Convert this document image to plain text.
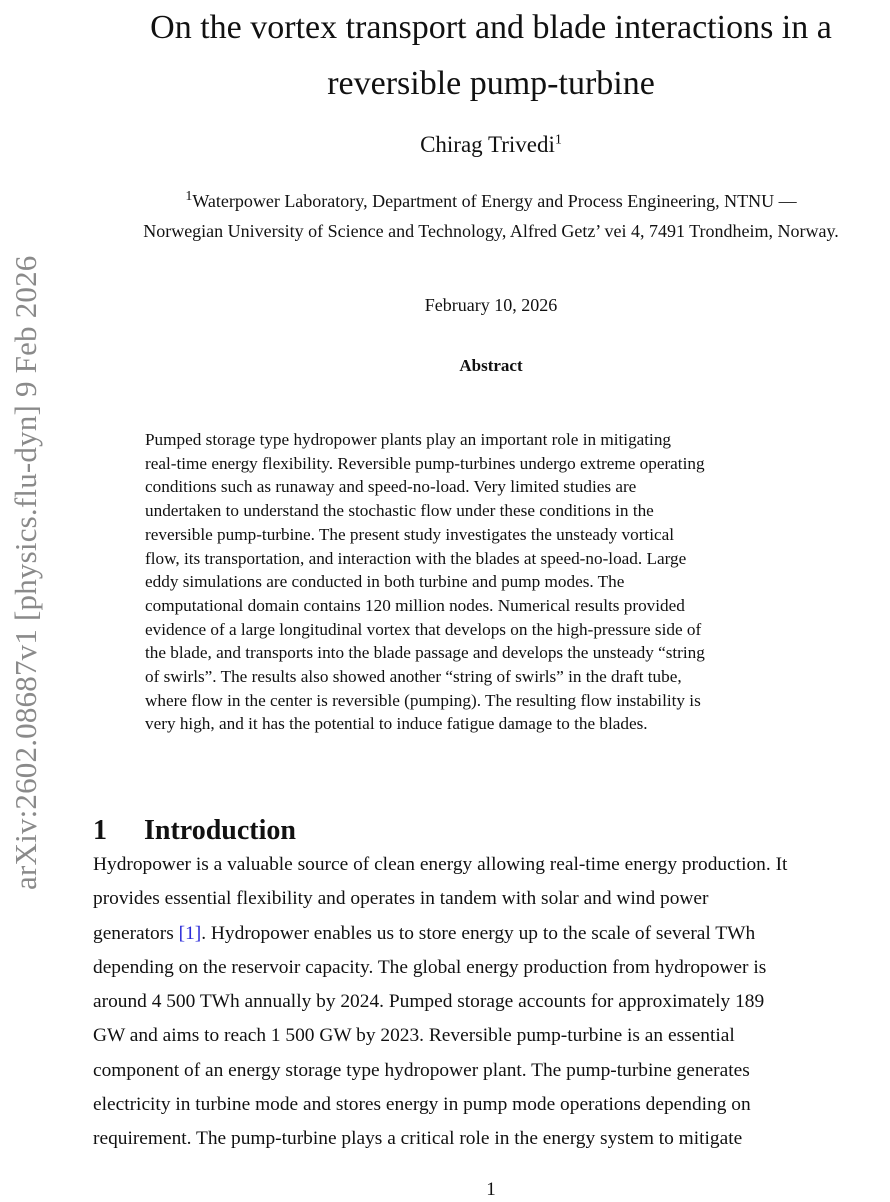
arXiv:2602.08687v1 [physics.flu-dyn] 9 Feb 2026
On the vortex transport and blade interactions in a
reversible pump-turbine
Chirag Trivedi$^1$
$^1$Waterpower Laboratory, Department of Energy and Process Engineering, NTNU —
Norwegian University of Science and Technology, Alfred Getz’ vei 4, 7491 Trondheim, Norway.
February 10, 2026
Abstract
Pumped storage type hydropower plants play an important role in mitigating
real-time energy flexibility. Reversible pump-turbines undergo extreme operating
conditions such as runaway and speed-no-load. Very limited studies are
undertaken to understand the stochastic flow under these conditions in the
reversible pump-turbine. The present study investigates the unsteady vortical
flow, its transportation, and interaction with the blades at speed-no-load. Large
eddy simulations are conducted in both turbine and pump modes. The
computational domain contains 120 million nodes. Numerical results provided
evidence of a large longitudinal vortex that develops on the high-pressure side of
the blade, and transports into the blade passage and develops the unsteady “string
of swirls”. The results also showed another “string of swirls” in the draft tube,
where flow in the center is reversible (pumping). The resulting flow instability is
very high, and it has the potential to induce fatigue damage to the blades.
1 Introduction
Hydropower is a valuable source of clean energy allowing real-time energy production. It
provides essential flexibility and operates in tandem with solar and wind power
generators [1]. Hydropower enables us to store energy up to the scale of several TWh
depending on the reservoir capacity. The global energy production from hydropower is
around 4 500 TWh annually by 2024. Pumped storage accounts for approximately 189
GW and aims to reach 1 500 GW by 2023. Reversible pump-turbine is an essential
component of an energy storage type hydropower plant. The pump-turbine generates
electricity in turbine mode and stores energy in pump mode operations depending on
requirement. The pump-turbine plays a critical role in the energy system to mitigate
1
